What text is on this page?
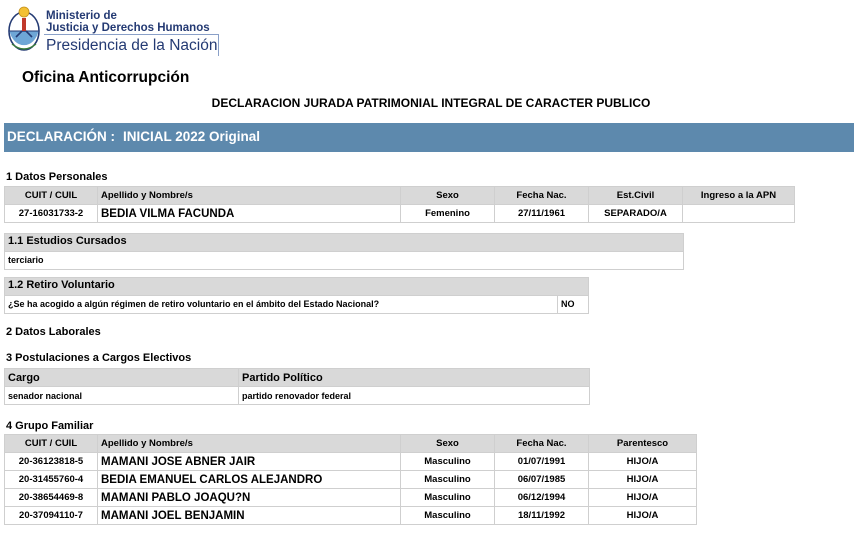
Ministerio de
Justicia y Derechos Humanos
Presidencia de la Nación
Oficina Anticorrupción
DECLARACION JURADA PATRIMONIAL INTEGRAL DE CARACTER PUBLICO
DECLARACIÓN : INICIAL 2022 Original
1 Datos Personales
CUIT / CUIL	Apellido y Nombre/s	Sexo	Fecha Nac.	Est.Civil	Ingreso a la APN
27-16031733-2	BEDIA VILMA FACUNDA	Femenino	27/11/1961	SEPARADO/A	
1.1 Estudios Cursados
terciario
1.2 Retiro Voluntario
¿Se ha acogido a algún régimen de retiro voluntario en el ámbito del Estado Nacional?	NO
2 Datos Laborales
3 Postulaciones a Cargos Electivos
Cargo	Partido Político
senador nacional	partido renovador federal
4 Grupo Familiar
CUIT / CUIL	Apellido y Nombre/s	Sexo	Fecha Nac.	Parentesco
20-36123818-5	MAMANI JOSE ABNER JAIR	Masculino	01/07/1991	HIJO/A
20-31455760-4	BEDIA EMANUEL CARLOS ALEJANDRO	Masculino	06/07/1985	HIJO/A
20-38654469-8	MAMANI PABLO JOAQU?N	Masculino	06/12/1994	HIJO/A
20-37094110-7	MAMANI JOEL BENJAMIN	Masculino	18/11/1992	HIJO/A
